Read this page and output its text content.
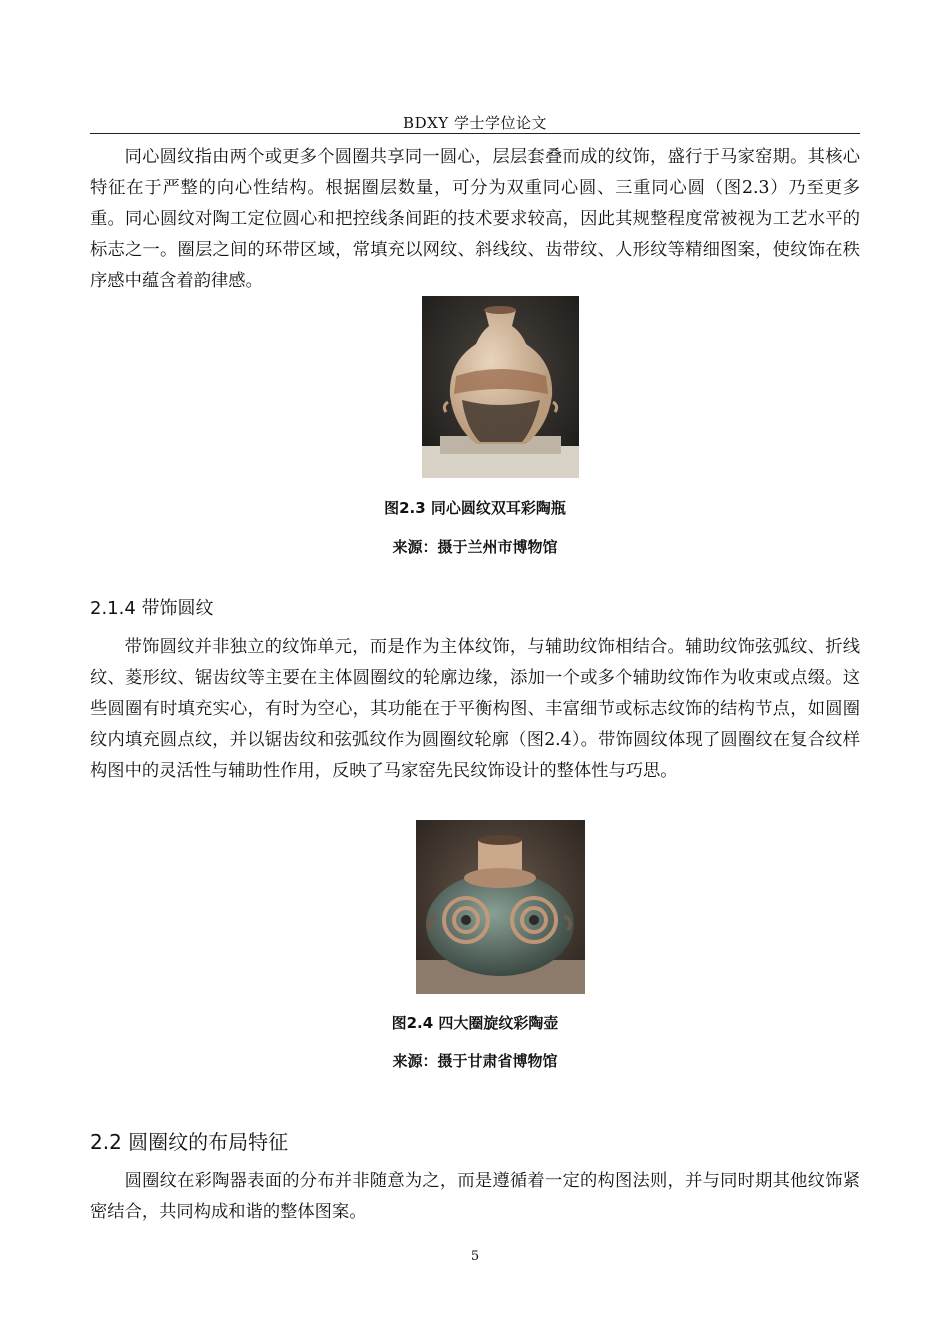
BDXY 学士学位论文

同心圆纹指由两个或更多个圆圈共享同一圆心，层层套叠而成的纹饰，盛行于马家窑期。其核心特征在于严整的向心性结构。根据圈层数量，可分为双重同心圆、三重同心圆（图2.3）乃至更多重。同心圆纹对陶工定位圆心和把控线条间距的技术要求较高，因此其规整程度常被视为工艺水平的标志之一。圈层之间的环带区域，常填充以网纹、斜线纹、齿带纹、人形纹等精细图案，使纹饰在秩序感中蕴含着韵律感。

图2.3 同心圆纹双耳彩陶瓶
来源：摄于兰州市博物馆
2.1.4 带饰圆纹

带饰圆纹并非独立的纹饰单元，而是作为主体纹饰，与辅助纹饰相结合。辅助纹饰弦弧纹、折线纹、菱形纹、锯齿纹等主要在主体圆圈纹的轮廓边缘，添加一个或多个辅助纹饰作为收束或点缀。这些圆圈有时填充实心，有时为空心，其功能在于平衡构图、丰富细节或标志纹饰的结构节点，如圆圈纹内填充圆点纹，并以锯齿纹和弦弧纹作为圆圈纹轮廓（图2.4）。带饰圆纹体现了圆圈纹在复合纹样构图中的灵活性与辅助性作用，反映了马家窑先民纹饰设计的整体性与巧思。

图2.4 四大圈旋纹彩陶壶
来源：摄于甘肃省博物馆
2.2 圆圈纹的布局特征

圆圈纹在彩陶器表面的分布并非随意为之，而是遵循着一定的构图法则，并与同时期其他纹饰紧密结合，共同构成和谐的整体图案。

5
